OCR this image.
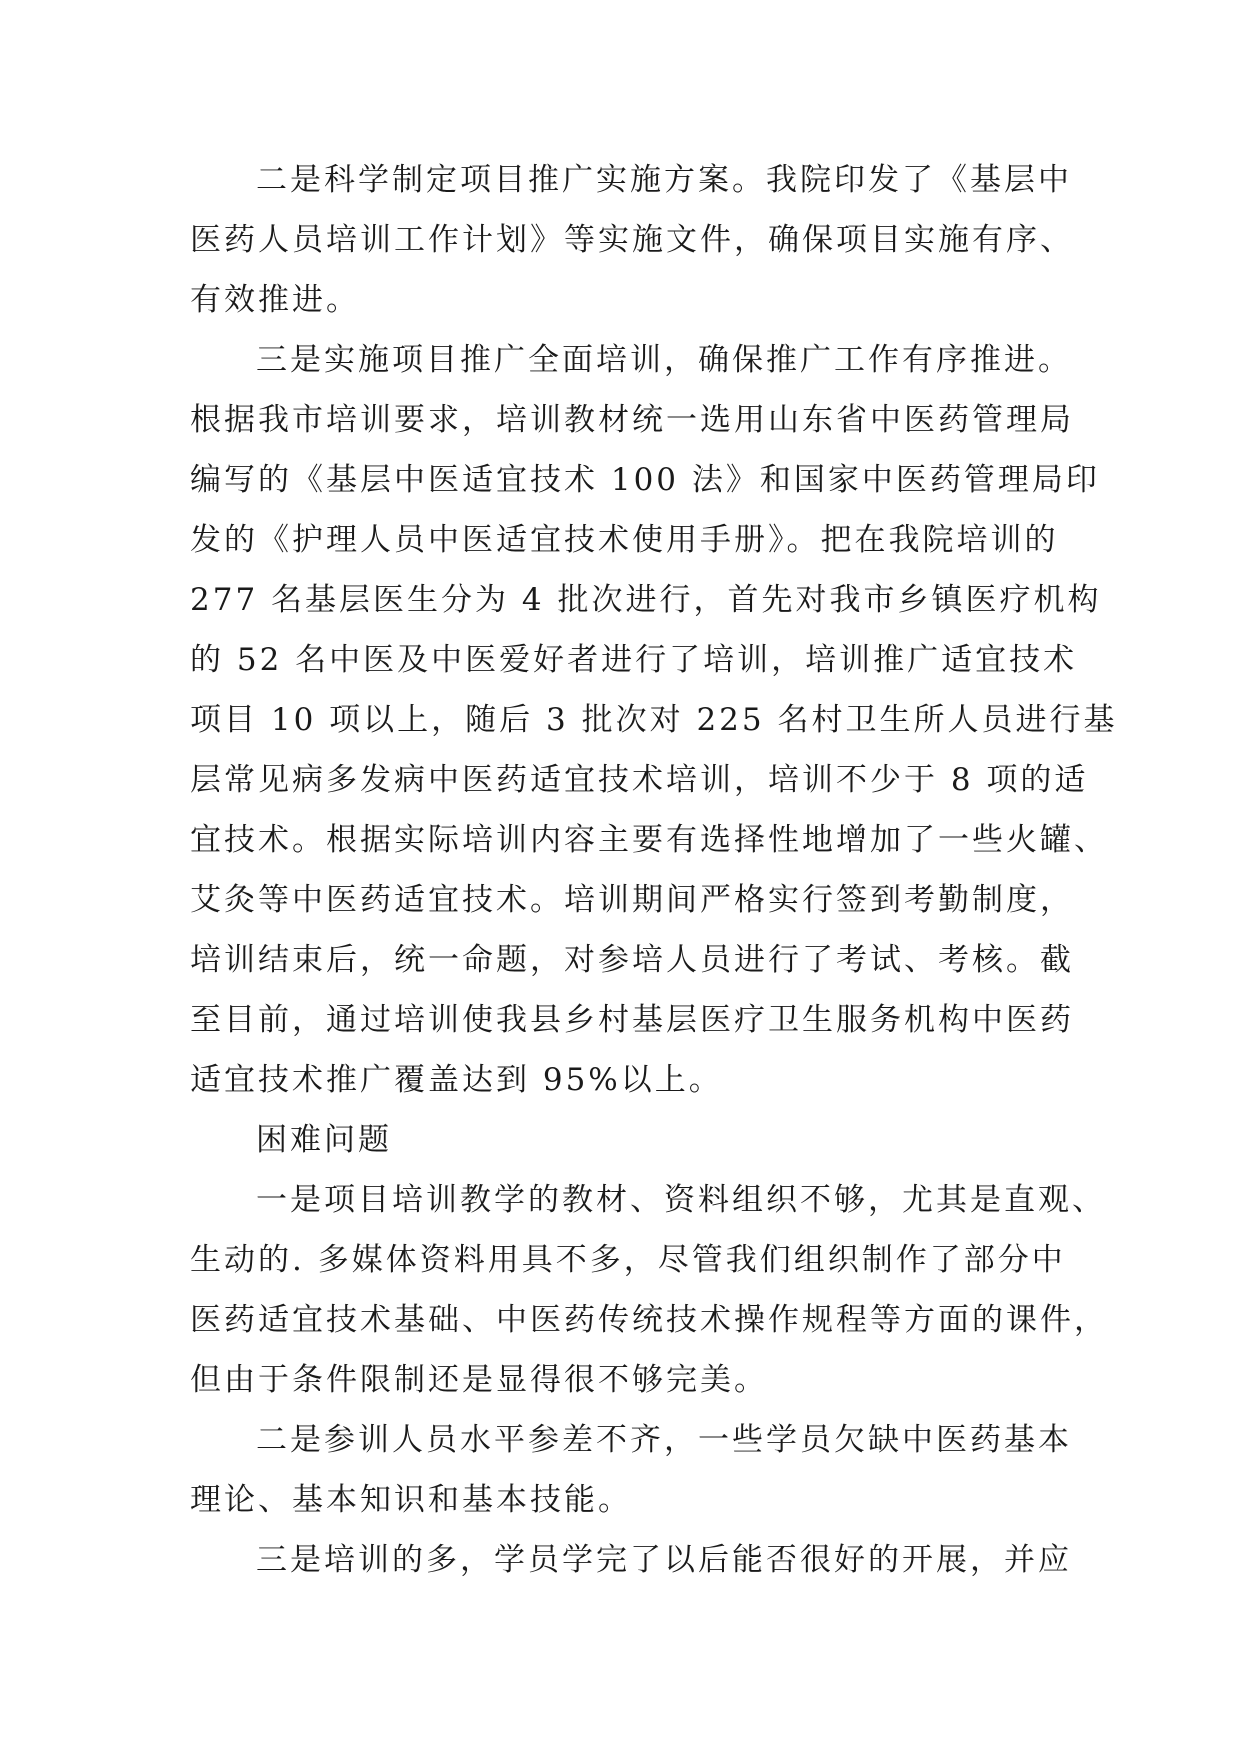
二是科学制定项目推广实施方案。我院印发了《基层中
医药人员培训工作计划》等实施文件，确保项目实施有序、
有效推进。

三是实施项目推广全面培训，确保推广工作有序推进。
根据我市培训要求，培训教材统一选用山东省中医药管理局
编写的《基层中医适宜技术 100 法》和国家中医药管理局印
发的《护理人员中医适宜技术使用手册》。把在我院培训的
277 名基层医生分为 4 批次进行，首先对我市乡镇医疗机构
的 52 名中医及中医爱好者进行了培训，培训推广适宜技术
项目 10 项以上，随后 3 批次对 225 名村卫生所人员进行基
层常见病多发病中医药适宜技术培训，培训不少于 8 项的适
宜技术。根据实际培训内容主要有选择性地增加了一些火罐、
艾灸等中医药适宜技术。培训期间严格实行签到考勤制度，
培训结束后，统一命题，对参培人员进行了考试、考核。截
至目前，通过培训使我县乡村基层医疗卫生服务机构中医药
适宜技术推广覆盖达到 95%以上。

困难问题

一是项目培训教学的教材、资料组织不够，尤其是直观、
生动的. 多媒体资料用具不多，尽管我们组织制作了部分中
医药适宜技术基础、中医药传统技术操作规程等方面的课件，
但由于条件限制还是显得很不够完美。

二是参训人员水平参差不齐，一些学员欠缺中医药基本
理论、基本知识和基本技能。

三是培训的多，学员学完了以后能否很好的开展，并应
